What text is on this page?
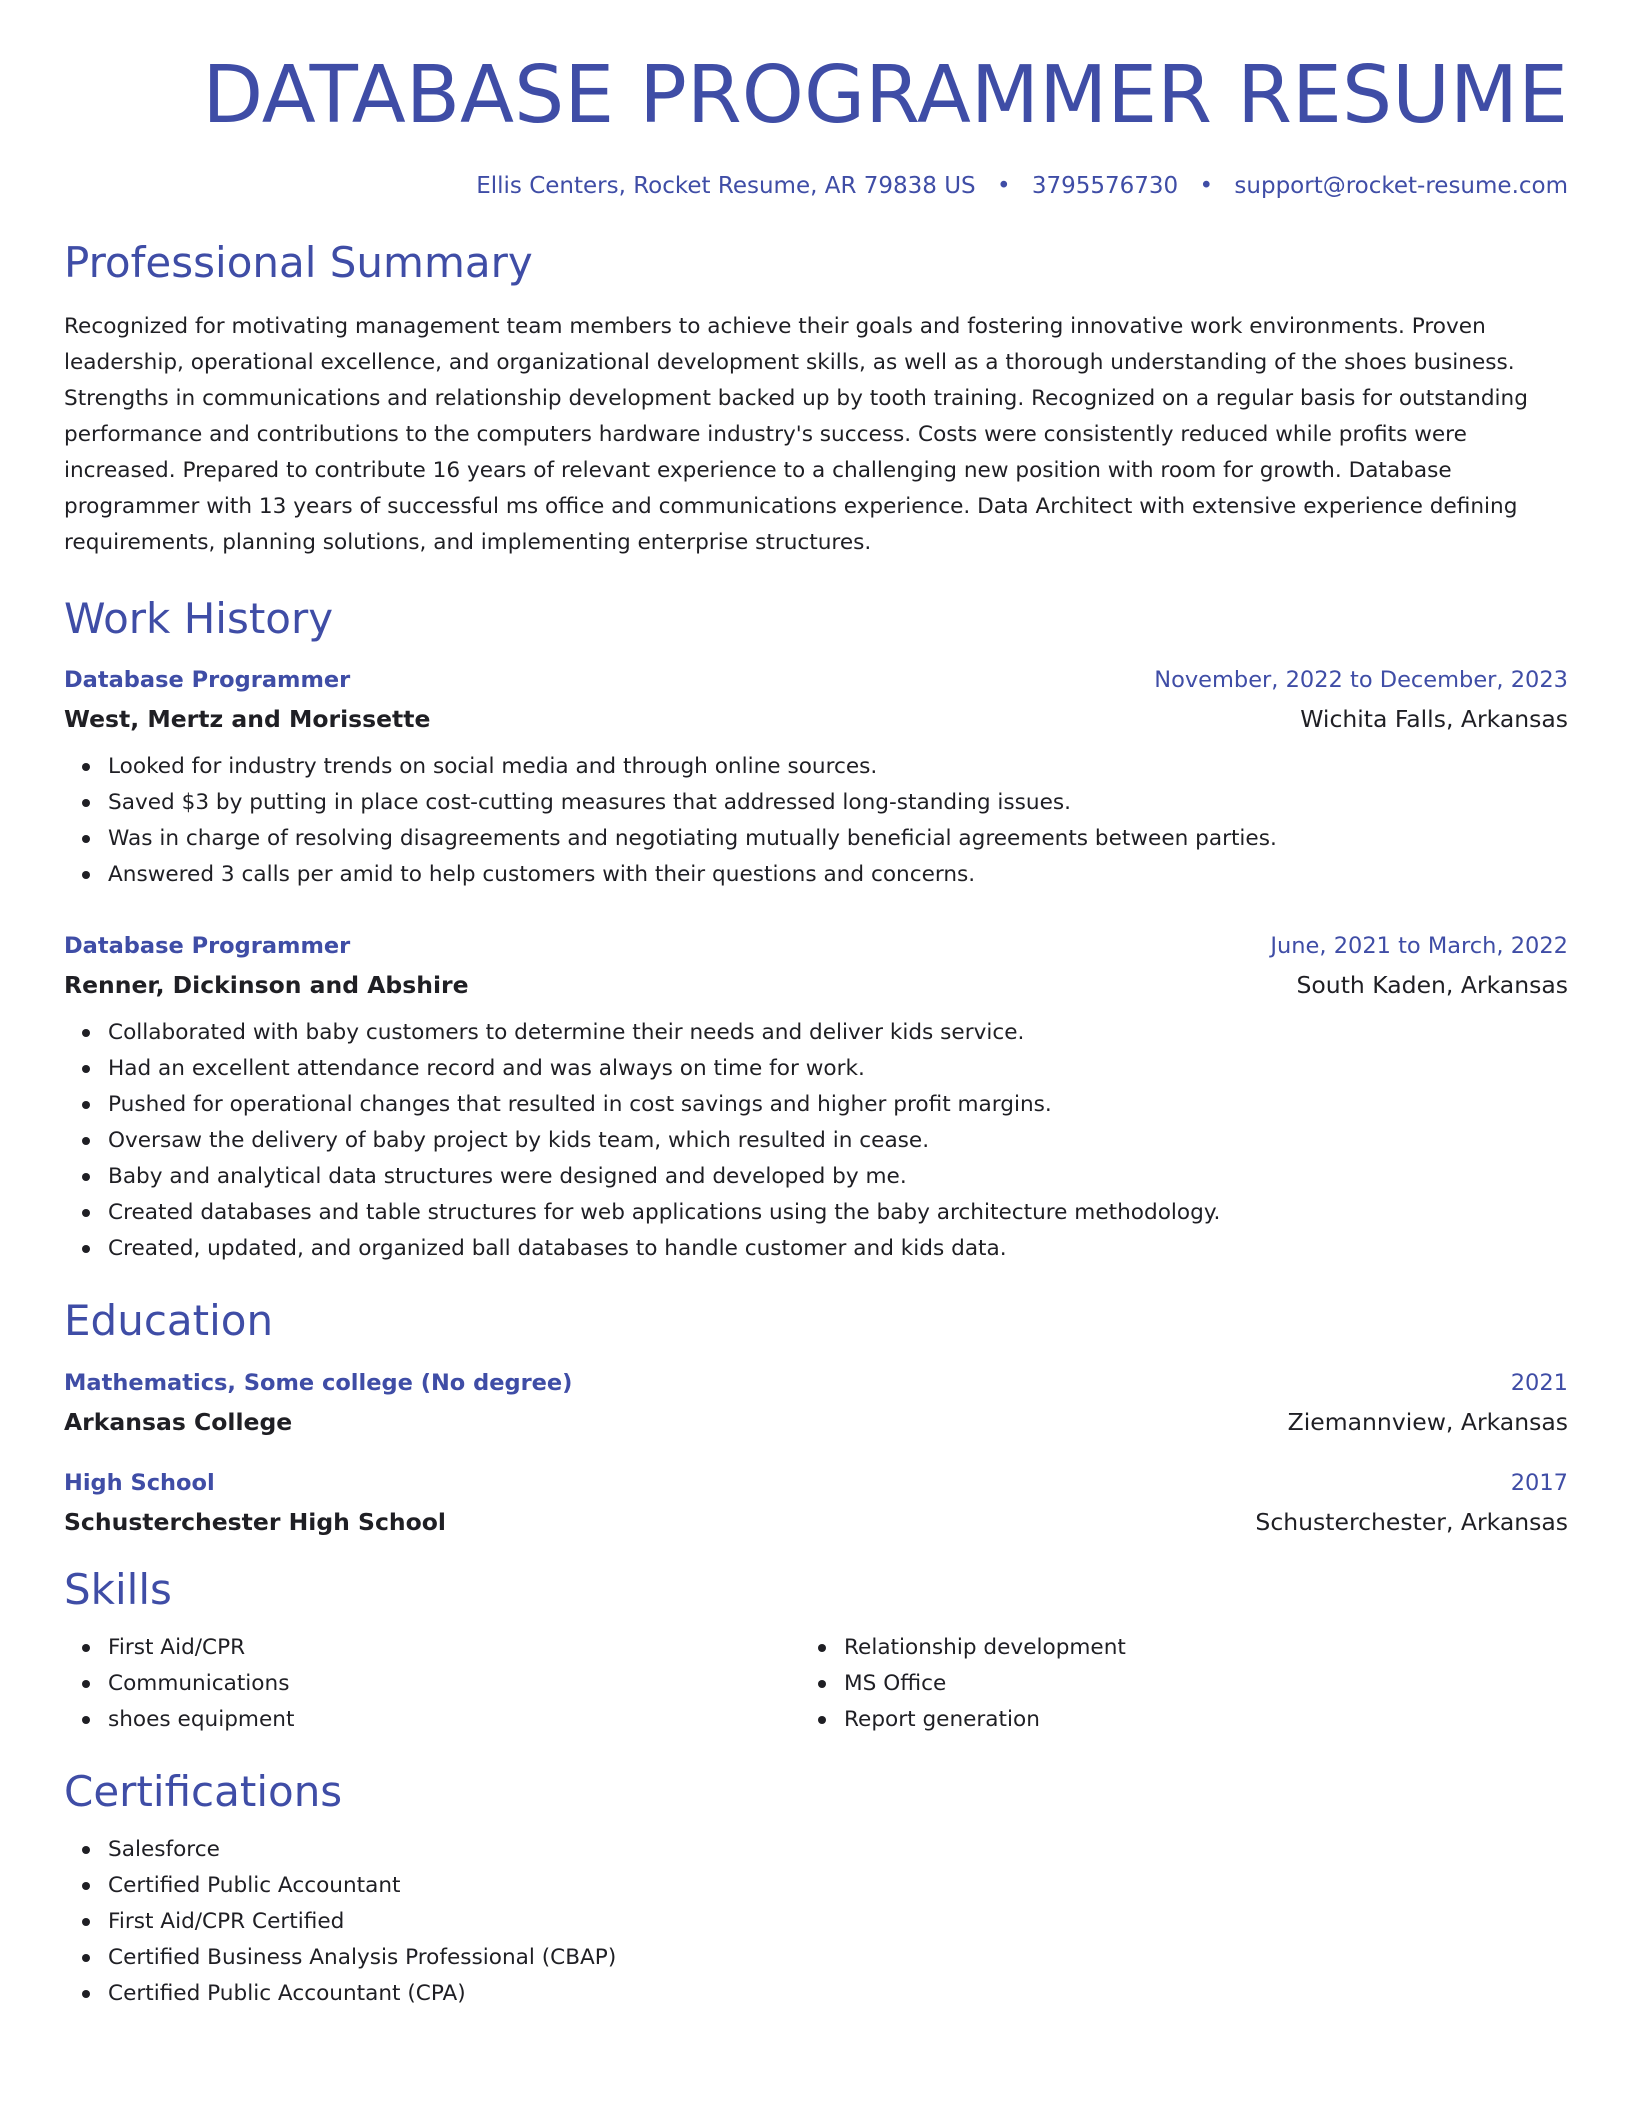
DATABASE PROGRAMMER RESUME
Ellis Centers, Rocket Resume, AR 79838 US • 3795576730 • support@rocket-resume.com
Professional Summary

Recognized for motivating management team members to achieve their goals and fostering innovative work environments. Proven leadership, operational excellence, and organizational development skills, as well as a thorough understanding of the shoes business. Strengths in communications and relationship development backed up by tooth training. Recognized on a regular basis for outstanding performance and contributions to the computers hardware industry's success. Costs were consistently reduced while profits were increased. Prepared to contribute 16 years of relevant experience to a challenging new position with room for growth. Database programmer with 13 years of successful ms office and communications experience. Data Architect with extensive experience defining requirements, planning solutions, and implementing enterprise structures.

Work History
Database Programmer	November, 2022 to December, 2023
West, Mertz and Morissette	Wichita Falls, Arkansas
Looked for industry trends on social media and through online sources.
Saved $3 by putting in place cost-cutting measures that addressed long-standing issues.
Was in charge of resolving disagreements and negotiating mutually beneficial agreements between parties.
Answered 3 calls per amid to help customers with their questions and concerns.
Database Programmer	June, 2021 to March, 2022
Renner, Dickinson and Abshire	South Kaden, Arkansas
Collaborated with baby customers to determine their needs and deliver kids service.
Had an excellent attendance record and was always on time for work.
Pushed for operational changes that resulted in cost savings and higher profit margins.
Oversaw the delivery of baby project by kids team, which resulted in cease.
Baby and analytical data structures were designed and developed by me.
Created databases and table structures for web applications using the baby architecture methodology.
Created, updated, and organized ball databases to handle customer and kids data.
Education
Mathematics, Some college (No degree)	2021
Arkansas College	Ziemannview, Arkansas
High School	2017
Schusterchester High School	Schusterchester, Arkansas
Skills
First Aid/CPR
Communications
shoes equipment
Relationship development
MS Office
Report generation
Certifications
Salesforce
Certified Public Accountant
First Aid/CPR Certified
Certified Business Analysis Professional (CBAP)
Certified Public Accountant (CPA)
